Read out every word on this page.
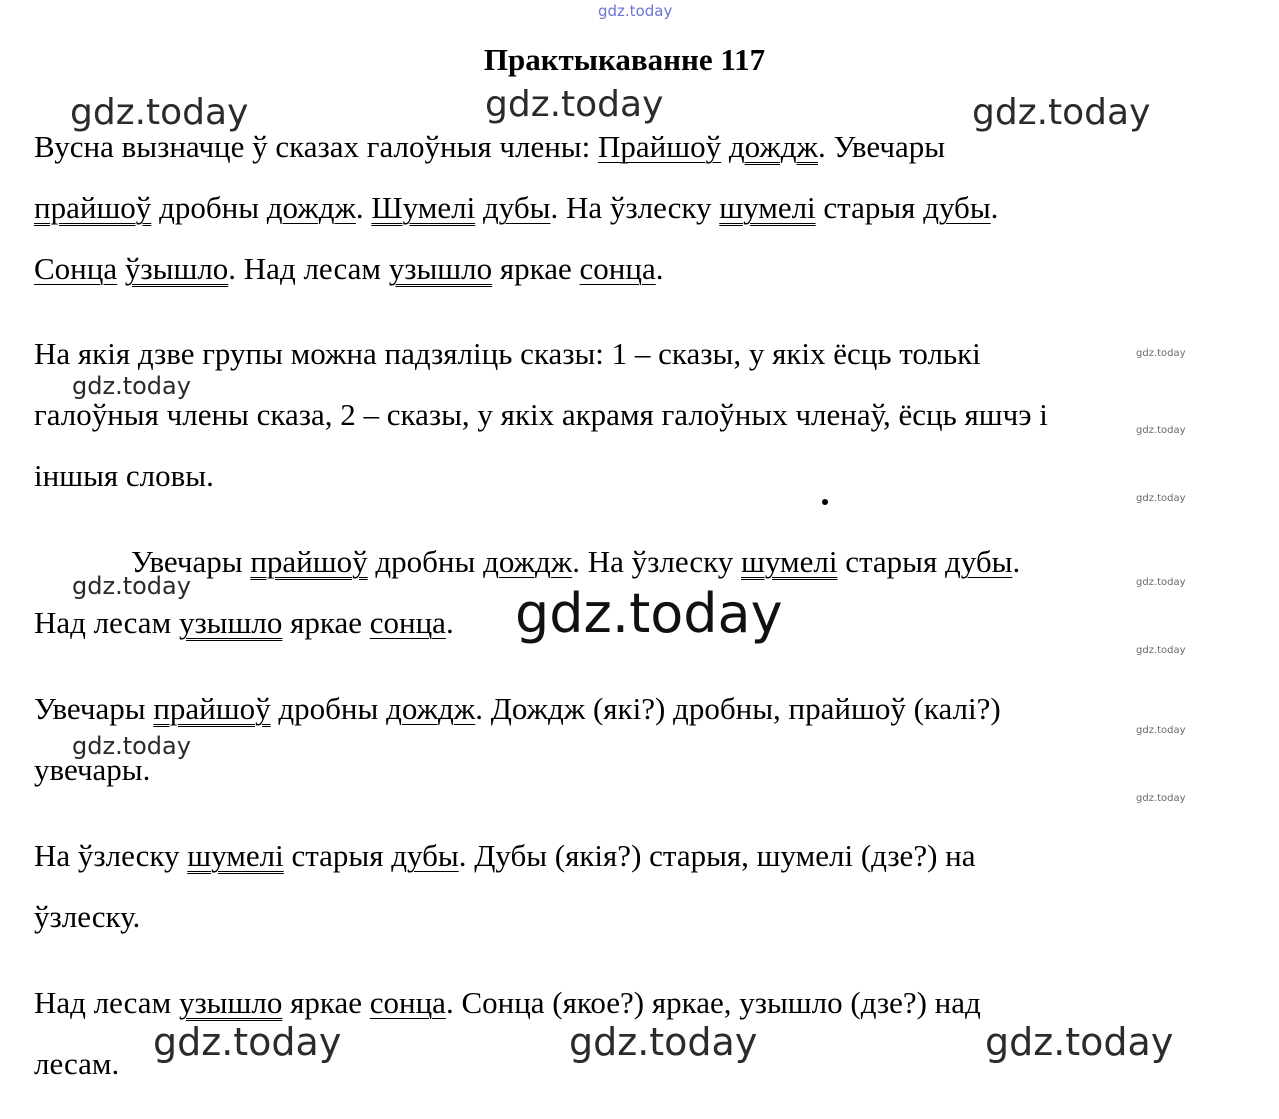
gdz.today
gdz.today	gdz.today	gdz.today
gdz.today
gdz.today
gdz.today
gdz.today
gdz.today
gdz.today
gdz.today
gdz.today
gdz.today
gdz.today
gdz.today	gdz.today	gdz.today
Практыкаванне 117

Вусна вызначце ў сказах галоўныя члены: Прайшоў дождж. Увечары
прайшоў дробны дождж. Шумелі дубы. На ўзлеску шумелі старыя дубы.
Сонца ўзышло. Над лесам узышло яркае сонца.

На якія дзве групы можна падзяліць сказы: 1 – сказы, у якіх ёсць толькі
галоўныя члены сказа, 2 – сказы, у якіх акрамя галоўных членаў, ёсць яшчэ і
іншыя словы.

Увечары прайшоў дробны дождж. На ўзлеску шумелі старыя дубы.
Над лесам узышло яркае сонца.

Увечары прайшоў дробны дождж. Дождж (які?) дробны, прайшоў (калі?)
увечары.

На ўзлеску шумелі старыя дубы. Дубы (якія?) старыя, шумелі (дзе?) на
ўзлеску.

Над лесам узышло яркае сонца. Сонца (якое?) яркае, узышло (дзе?) над
лесам.

gdz.today
